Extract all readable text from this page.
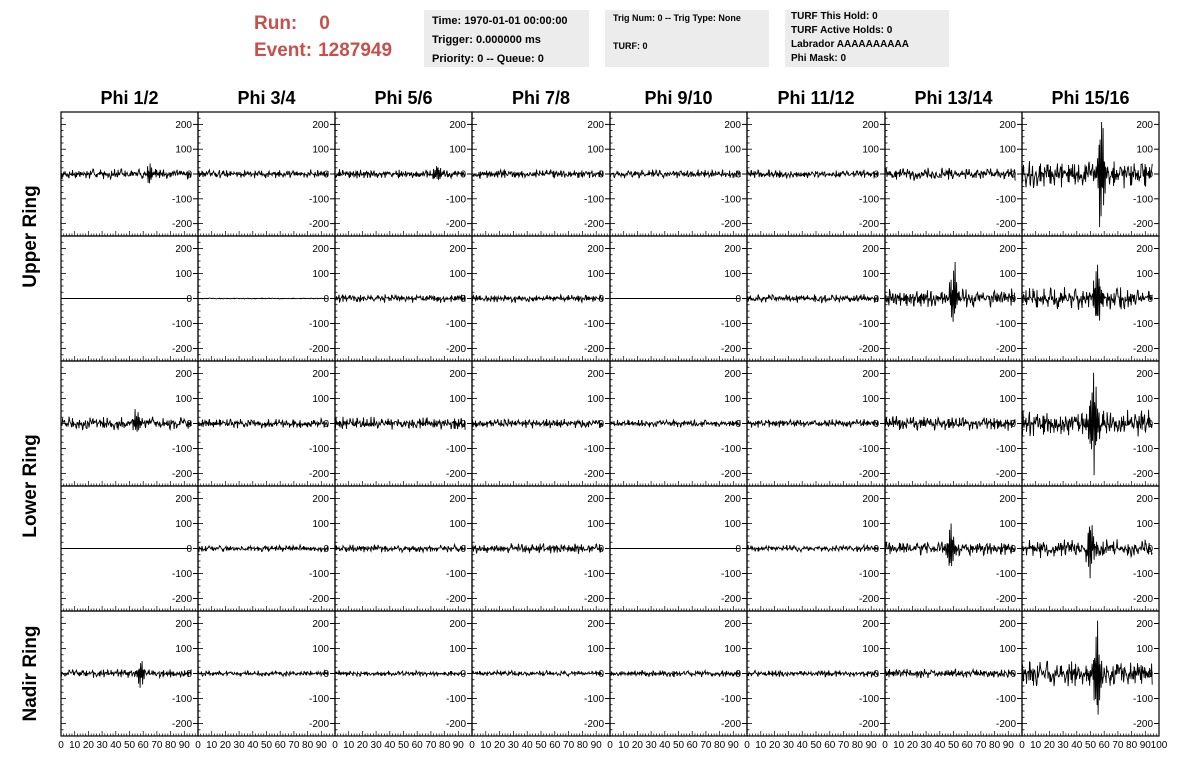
Run: 0
Event: 1287949
Time: 1970-01-01 00:00:00
Trigger: 0.000000 ms
Priority: 0 -- Queue: 0
Trig Num: 0 -- Trig Type: None
TURF: 0
TURF This Hold: 0
TURF Active Holds: 0
Labrador AAAAAAAAAA
Phi Mask: 0
Phi 1/2	Phi 3/4	Phi 5/6	Phi 7/8	Phi 9/10	Phi 11/12	Phi 13/14	Phi 15/16
Upper Ring
Lower Ring
Nadir Ring
200
100
0
-100
-200
200
100
0
-100
-200
200
100
0
-100
-200
200
100
0
-100
-200
200
100
0
-100
-200
200
100
0
-100
-200
200
100
0
-100
-200
200
100
0
-100
-200
200
100
0
-100
-200
200
100
0
-100
-200
200
100
0
-100
-200
200
100
0
-100
-200
200
100
0
-100
-200
200
100
0
-100
-200
200
100
0
-100
-200
200
100
0
-100
-200
200
100
0
-100
-200
200
100
0
-100
-200
200
100
0
-100
-200
200
100
0
-100
-200
200
100
0
-100
-200
200
100
0
-100
-200
200
100
0
-100
-200
200
100
0
-100
-200
200
100
0
-100
-200
200
100
0
-100
-200
200
100
0
-100
-200
200
100
0
-100
-200
200
100
0
-100
-200
200
100
0
-100
-200
200
100
0
-100
-200
200
100
0
-100
-200
200
100
0
-100
-200
200
100
0
-100
-200
200
100
0
-100
-200
200
100
0
-100
-200
200
100
0
-100
-200
200
100
0
-100
-200
200
100
0
-100
-200
200
100
0
-100
-200
0 10 20 30 40 50 60 70 80 90 0 10 20 30 40 50 60 70 80 90 0 10 20 30 40 50 60 70 80 90 0 10 20 30 40 50 60 70 80 90 0 10 20 30 40 50 60 70 80 90 0 10 20 30 40 50 60 70 80 90 0 10 20 30 40 50 60 70 80 90 0 10 20 30 40 50 60 70 80 90 100
